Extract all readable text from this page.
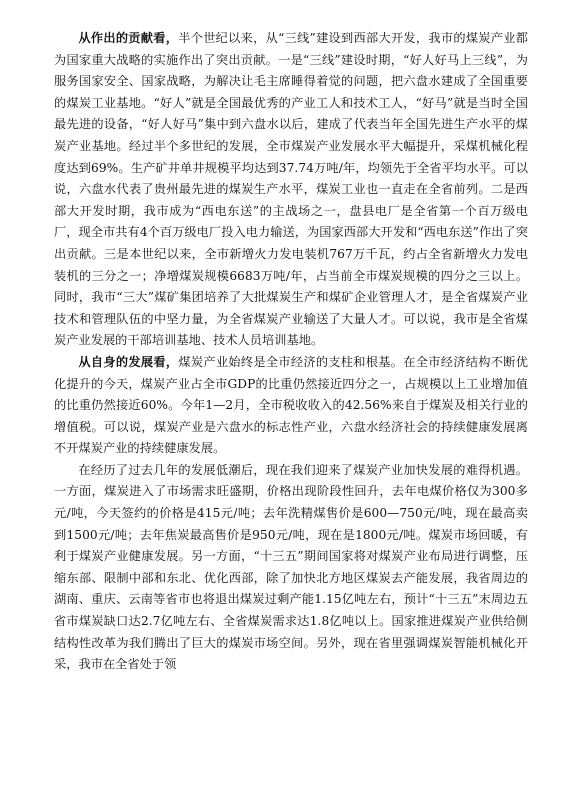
从作出的贡献看，半个世纪以来，从“三线”建设到西部大开发，我市的煤炭产业都为国家重大战略的实施作出了突出贡献。一是“三线”建设时期，“好人好马上三线”，为服务国家安全、国家战略，为解决让毛主席睡得着觉的问题，把六盘水建成了全国重要的煤炭工业基地。“好人”就是全国最优秀的产业工人和技术工人，“好马”就是当时全国最先进的设备，“好人好马”集中到六盘水以后，建成了代表当年全国先进生产水平的煤炭产业基地。经过半个多世纪的发展，全市煤炭产业发展水平大幅提升，采煤机械化程度达到69%。生产矿井单井规模平均达到37.74万吨/年，均领先于全省平均水平。可以说，六盘水代表了贵州最先进的煤炭生产水平，煤炭工业也一直走在全省前列。二是西部大开发时期，我市成为“西电东送”的主战场之一，盘县电厂是全省第一个百万级电厂，现全市共有4个百万级电厂投入电力输送，为国家西部大开发和“西电东送”作出了突出贡献。三是本世纪以来，全市新增火力发电装机767万千瓦，约占全省新增火力发电装机的三分之一；净增煤炭规模6683万吨/年，占当前全市煤炭规模的四分之三以上。同时，我市“三大”煤矿集团培养了大批煤炭生产和煤矿企业管理人才，是全省煤炭产业技术和管理队伍的中坚力量，为全省煤炭产业输送了大量人才。可以说，我市是全省煤炭产业发展的干部培训基地、技术人员培训基地。

从自身的发展看，煤炭产业始终是全市经济的支柱和根基。在全市经济结构不断优化提升的今天，煤炭产业占全市GDP的比重仍然接近四分之一，占规模以上工业增加值的比重仍然接近60%。今年1—2月，全市税收收入的42.56%来自于煤炭及相关行业的增值税。可以说，煤炭产业是六盘水的标志性产业，六盘水经济社会的持续健康发展离不开煤炭产业的持续健康发展。

在经历了过去几年的发展低潮后，现在我们迎来了煤炭产业加快发展的难得机遇。一方面，煤炭进入了市场需求旺盛期，价格出现阶段性回升，去年电煤价格仅为300多元/吨，今天签约的价格是415元/吨；去年洗精煤售价是600—750元/吨，现在最高卖到1500元/吨；去年焦炭最高售价是950元/吨，现在是1800元/吨。煤炭市场回暖，有利于煤炭产业健康发展。另一方面，“十三五”期间国家将对煤炭产业布局进行调整，压缩东部、限制中部和东北、优化西部，除了加快北方地区煤炭去产能发展，我省周边的湖南、重庆、云南等省市也将退出煤炭过剩产能1.15亿吨左右，预计“十三五”末周边五省市煤炭缺口达2.7亿吨左右、全省煤炭需求达1.8亿吨以上。国家推进煤炭产业供给侧结构性改革为我们腾出了巨大的煤炭市场空间。另外，现在省里强调煤炭智能机械化开采，我市在全省处于领
